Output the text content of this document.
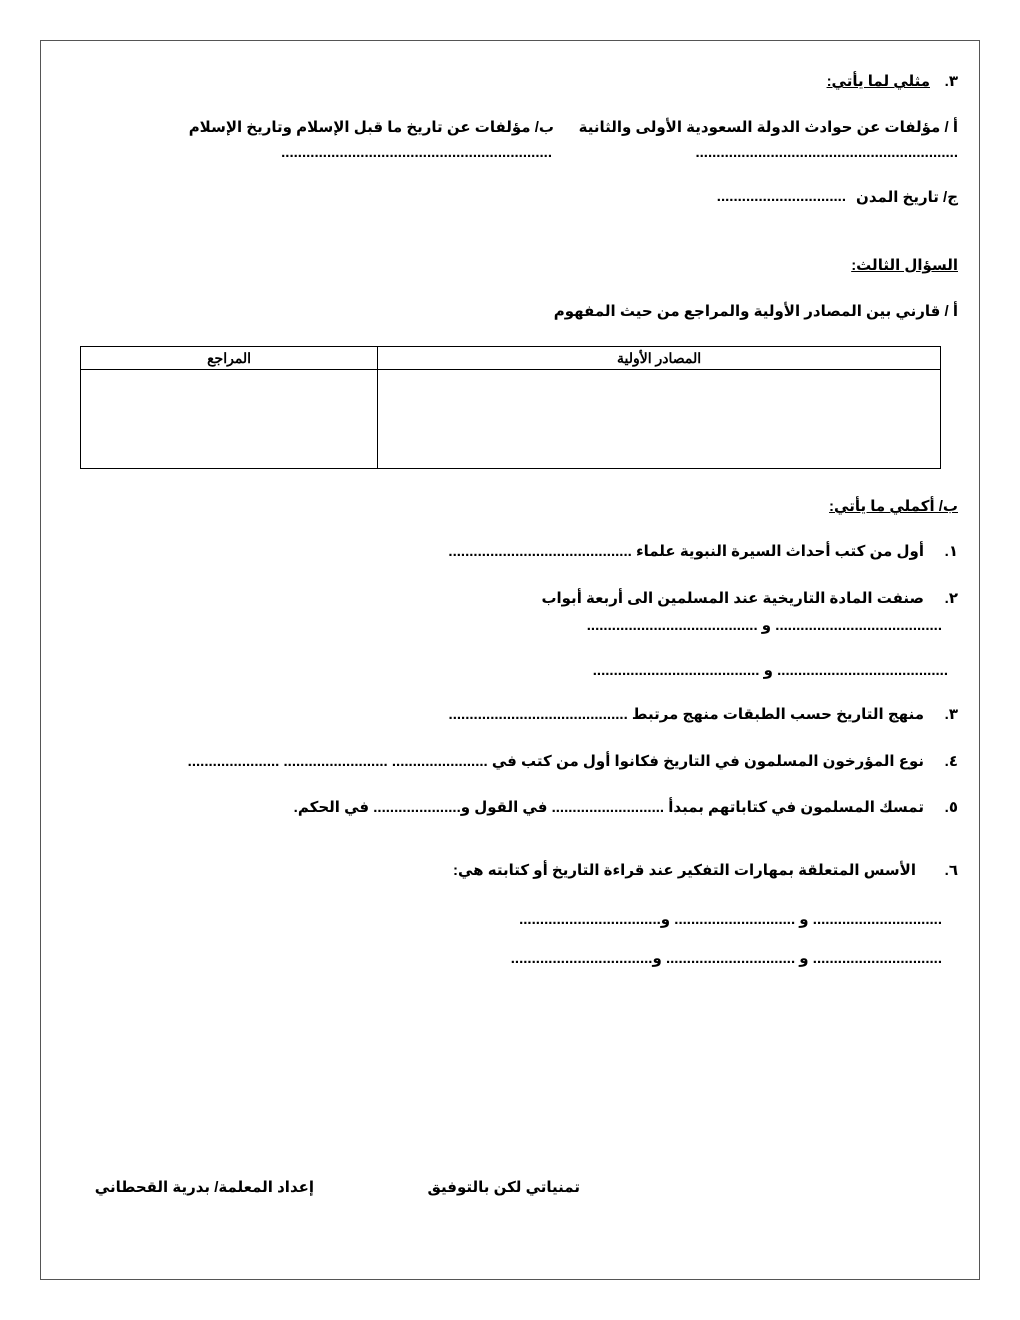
.٣
مثلي لما يأتي:
أ / مؤلفات عن حوادث الدولة السعودية الأولى والثانية
ب/ مؤلفات عن تاريخ ما قبل الإسلام وتاريخ الإسلام
...............................................................
.................................................................
ج/ تاريخ المدن
...............................
السؤال الثالث:
أ / قارني بين المصادر الأولية والمراجع من حيث المفهوم
المصادر الأولية	المراجع

ب/ أكملي ما يأتي:
.١
أول من كتب أحداث السيرة النبوية علماء ............................................
.٢
صنفت المادة التاريخية عند المسلمين الى أربعة أبواب
........................................ و .........................................
......................................... و ........................................
.٣
منهج التاريخ حسب الطبقات منهج مرتبط ...........................................
.٤
نوع المؤرخون المسلمون في التاريخ فكانوا أول من كتب في ....................... ......................... ......................
.٥
تمسك المسلمون في كتاباتهم بمبدأ ........................... في القول و..................... في الحكم.
.٦
الأسس المتعلقة بمهارات التفكير عند قراءة التاريخ أو كتابته هي:
............................... و ............................. و..................................
............................... و ............................... و..................................
تمنياتي لكن بالتوفيق
إعداد المعلمة/ بدرية القحطاني
